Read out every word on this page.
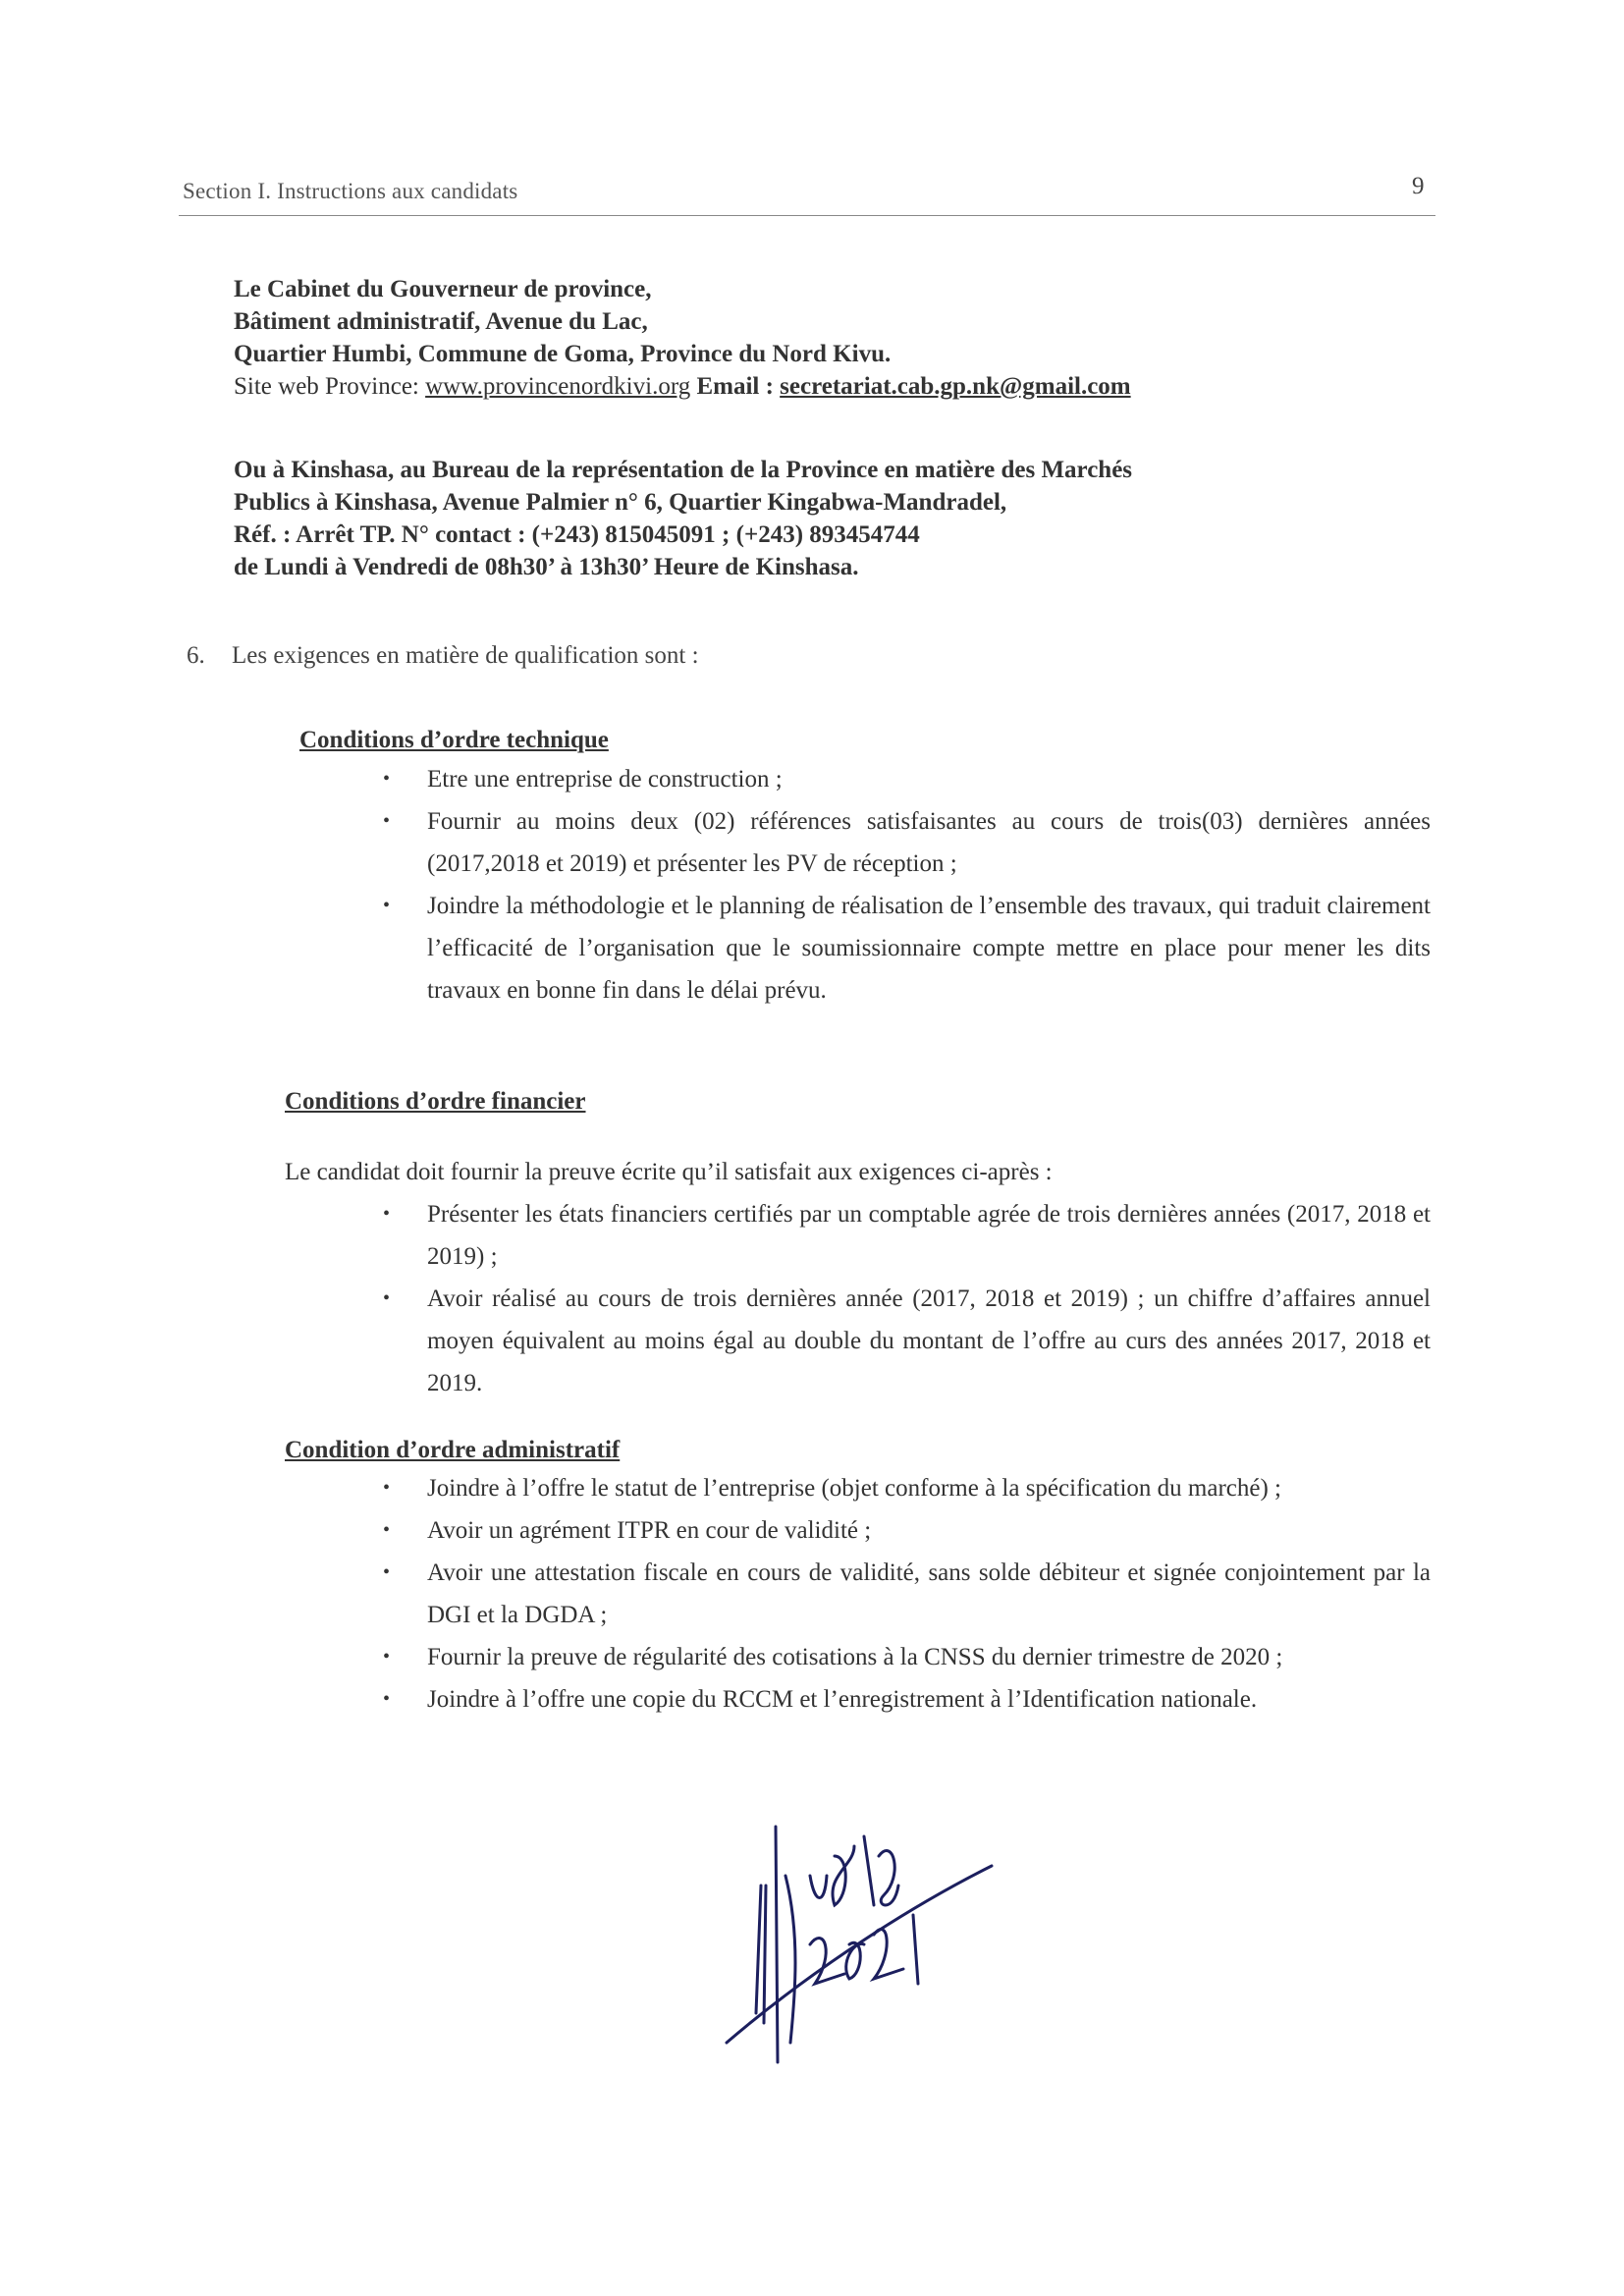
Section I. Instructions aux candidats	9
Le Cabinet du Gouverneur de province,
Bâtiment administratif, Avenue du Lac,
Quartier Humbi, Commune de Goma, Province du Nord Kivu.
Site web Province: www.provincenordkivi.org Email : secretariat.cab.gp.nk@gmail.com
Ou à Kinshasa, au Bureau de la représentation de la Province en matière des Marchés
Publics à Kinshasa, Avenue Palmier n° 6, Quartier Kingabwa-Mandradel,
Réf. : Arrêt TP. N° contact : (+243) 815045091 ; (+243) 893454744
de Lundi à Vendredi de 08h30’ à 13h30’ Heure de Kinshasa.
6. Les exigences en matière de qualification sont :
Conditions d’ordre technique
• Etre une entreprise de construction ;
• Fournir au moins deux (02) références satisfaisantes au cours de trois(03) dernières années (2017,2018 et 2019) et présenter les PV de réception ;
• Joindre la méthodologie et le planning de réalisation de l’ensemble des travaux, qui traduit clairement l’efficacité de l’organisation que le soumissionnaire compte mettre en place pour mener les dits travaux en bonne fin dans le délai prévu.
Conditions d’ordre financier
Le candidat doit fournir la preuve écrite qu’il satisfait aux exigences ci-après :
• Présenter les états financiers certifiés par un comptable agrée de trois dernières années (2017, 2018 et 2019) ;
• Avoir réalisé au cours de trois dernières année (2017, 2018 et 2019) ; un chiffre d’affaires annuel moyen équivalent au moins égal au double du montant de l’offre au curs des années 2017, 2018 et 2019.
Condition d’ordre administratif
• Joindre à l’offre le statut de l’entreprise (objet conforme à la spécification du marché) ;
• Avoir un agrément ITPR en cour de validité ;
• Avoir une attestation fiscale en cours de validité, sans solde débiteur et signée conjointement par la DGI et la DGDA ;
• Fournir la preuve de régularité des cotisations à la CNSS du dernier trimestre de 2020 ;
• Joindre à l’offre une copie du RCCM et l’enregistrement à l’Identification nationale.
